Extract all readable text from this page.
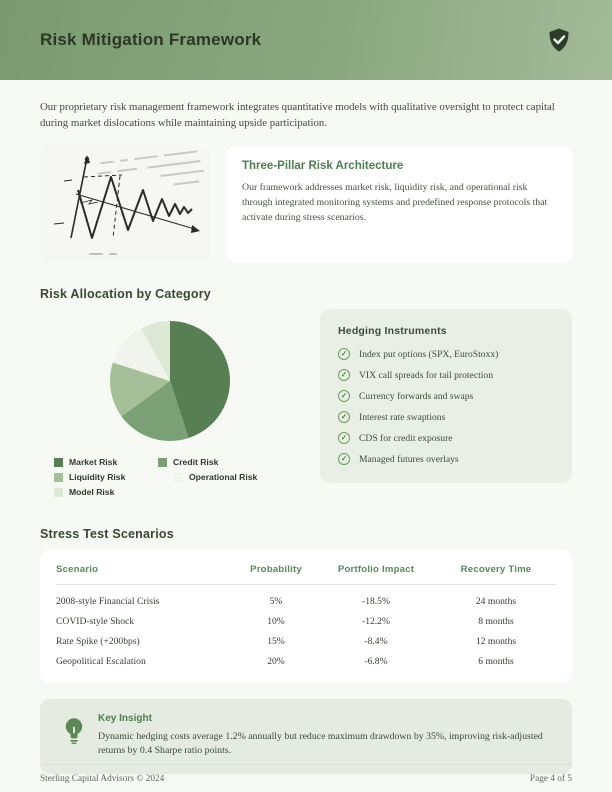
Risk Mitigation Framework

Our proprietary risk management framework integrates quantitative models with qualitative oversight to protect capital during market dislocations while maintaining upside participation.

Three-Pillar Risk Architecture

Our framework addresses market risk, liquidity risk, and operational risk through integrated monitoring systems and predefined response protocols that activate during stress scenarios.

Risk Allocation by Category
Market Risk	Credit Risk
Liquidity Risk	Operational Risk
Model Risk
Hedging Instruments
✓ Index put options (SPX, EuroStoxx)
✓ VIX call spreads for tail protection
✓ Currency forwards and swaps
✓ Interest rate swaptions
✓ CDS for credit exposure
✓ Managed futures overlays
Stress Test Scenarios
Scenario	Probability	Portfolio Impact	Recovery Time
2008-style Financial Crisis	5%	-18.5%	24 months
COVID-style Shock	10%	-12.2%	8 months
Rate Spike (+200bps)	15%	-8.4%	12 months
Geopolitical Escalation	20%	-6.8%	6 months
Key Insight

Dynamic hedging costs average 1.2% annually but reduce maximum drawdown by 35%, improving risk-adjusted returns by 0.4 Sharpe ratio points.

Sterling Capital Advisors © 2024	Page 4 of 5
